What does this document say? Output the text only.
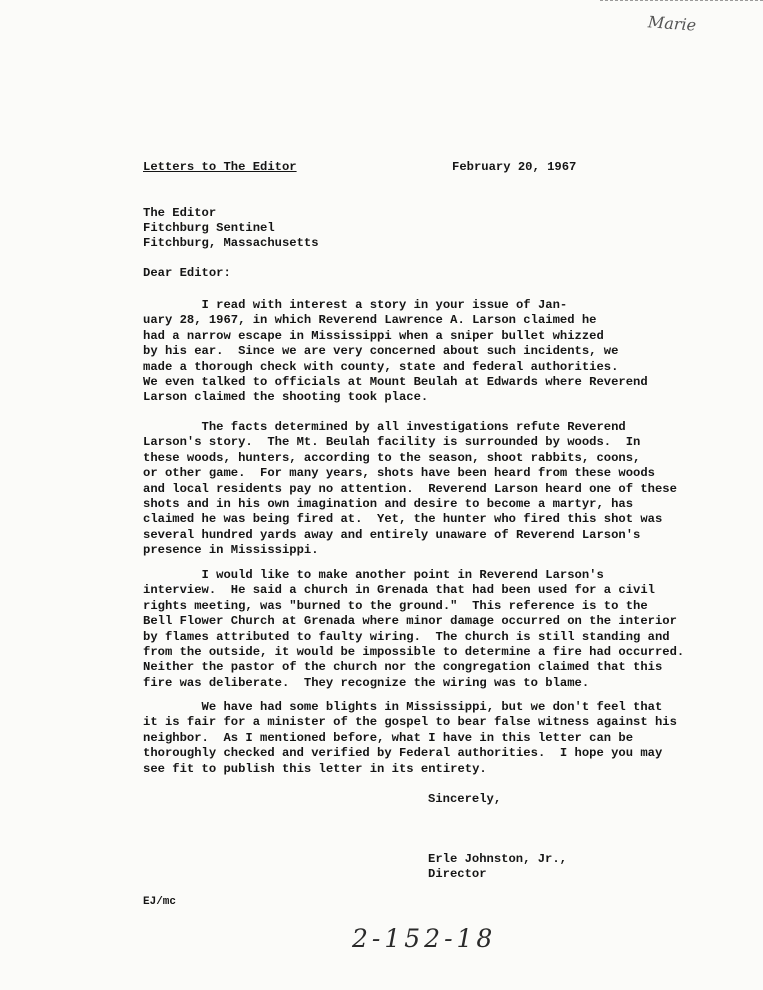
Marie
Letters to The Editor	February 20, 1967
The Editor
Fitchburg Sentinel
Fitchburg, Massachusetts
Dear Editor:
I read with interest a story in your issue of Jan-
uary 28, 1967, in which Reverend Lawrence A. Larson claimed he
had a narrow escape in Mississippi when a sniper bullet whizzed
by his ear.  Since we are very concerned about such incidents, we
made a thorough check with county, state and federal authorities.
We even talked to officials at Mount Beulah at Edwards where Reverend
Larson claimed the shooting took place.
The facts determined by all investigations refute Reverend
Larson's story.  The Mt. Beulah facility is surrounded by woods.  In
these woods, hunters, according to the season, shoot rabbits, coons,
or other game.  For many years, shots have been heard from these woods
and local residents pay no attention.  Reverend Larson heard one of these
shots and in his own imagination and desire to become a martyr, has
claimed he was being fired at.  Yet, the hunter who fired this shot was
several hundred yards away and entirely unaware of Reverend Larson's
presence in Mississippi.
I would like to make another point in Reverend Larson's
interview.  He said a church in Grenada that had been used for a civil
rights meeting, was "burned to the ground."  This reference is to the
Bell Flower Church at Grenada where minor damage occurred on the interior
by flames attributed to faulty wiring.  The church is still standing and
from the outside, it would be impossible to determine a fire had occurred.
Neither the pastor of the church nor the congregation claimed that this
fire was deliberate.  They recognize the wiring was to blame.
We have had some blights in Mississippi, but we don't feel that
it is fair for a minister of the gospel to bear false witness against his
neighbor.  As I mentioned before, what I have in this letter can be
thoroughly checked and verified by Federal authorities.  I hope you may
see fit to publish this letter in its entirety.
Sincerely,
Erle Johnston, Jr.,
Director
EJ/mc
2-152-18
